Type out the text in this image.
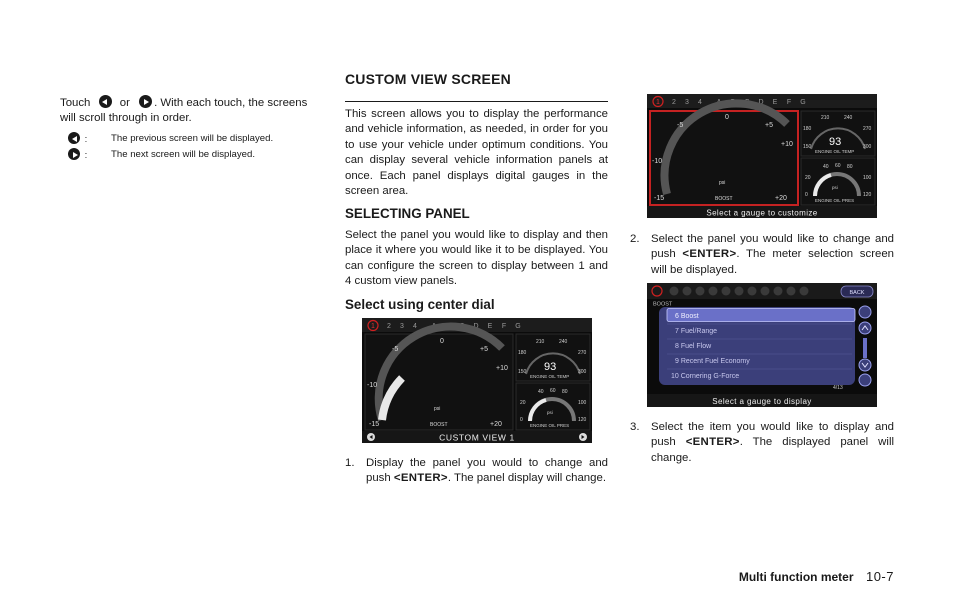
Touch	or . With each touch, the screens will scroll through in order.
: The previous screen will be displayed.
: The next screen will be displayed.
CUSTOM VIEW SCREEN

This screen allows you to display the performance and vehicle information, as needed, in order for you to use your vehicle under optimum conditions. You can display several vehicle information panels at once. Each panel displays digital gauges in the screen area.

SELECTING PANEL

Select the panel you would like to display and then place it where you would like it to be displayed. You can configure the screen to display between 1 and 4 custom view panels.

Select using center dial
1 2 3 4 A B C D E F G
0
-5	+5
-10
+10
-15	+20
psi
BOOST
210	240
180	270
150	300
93
ENGINE OIL TEMP
40 60 80
20	100
0	120
psi
ENGINE OIL PRES
CUSTOM VIEW 1
1. Display the panel you would to change and push <ENTER>. The panel display will change.
1 2 3 4 A B C D E F G
0
-5	+5
-10
+10
-15	+20
psi
BOOST
210	240
180	270
150	300
93
ENGINE OIL TEMP
40 60 80
20	100
0	120
psi
ENGINE OIL PRES
Select a gauge to customize
2. Select the panel you would like to change and push <ENTER>. The meter selection screen will be displayed.
BACK
BOOST
6 Boost
7 Fuel/Range
8 Fuel Flow
9 Recent Fuel Economy
10 Cornering G-Force
4/13
Select a gauge to display
3. Select the item you would like to display and push <ENTER>. The displayed panel will change.
Multi function meter 10-7
